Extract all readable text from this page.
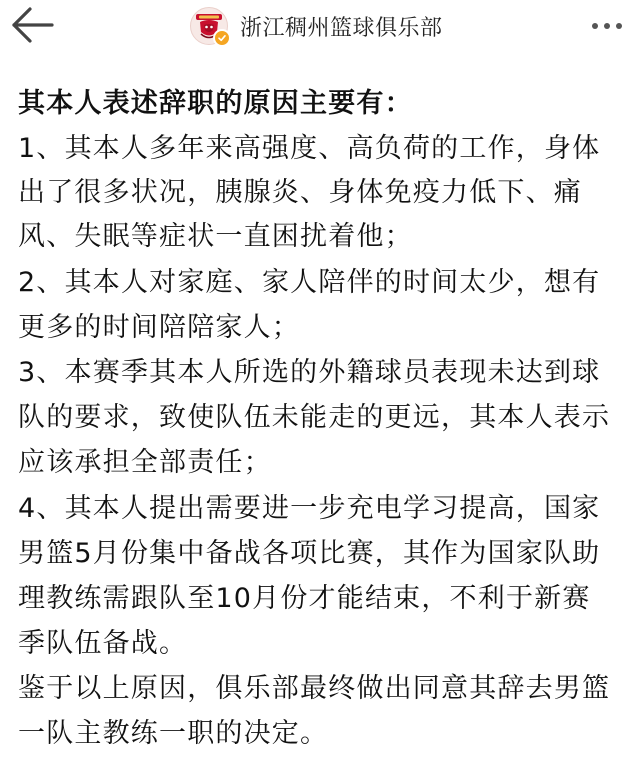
其本人表述辞职的原因主要有：
1、其本人多年来高强度、高负荷的工作，身体
出了很多状况，胰腺炎、身体免疫力低下、痛
风、失眠等症状一直困扰着他；
2、其本人对家庭、家人陪伴的时间太少，想有
更多的时间陪陪家人；
3、本赛季其本人所选的外籍球员表现未达到球
队的要求，致使队伍未能走的更远，其本人表示
应该承担全部责任；
4、其本人提出需要进一步充电学习提高，国家
男篮5月份集中备战各项比赛，其作为国家队助
理教练需跟队至10月份才能结束，不利于新赛
季队伍备战。
鉴于以上原因，俱乐部最终做出同意其辞去男篮
一队主教练一职的决定。
浙江稠州篮球俱乐部
